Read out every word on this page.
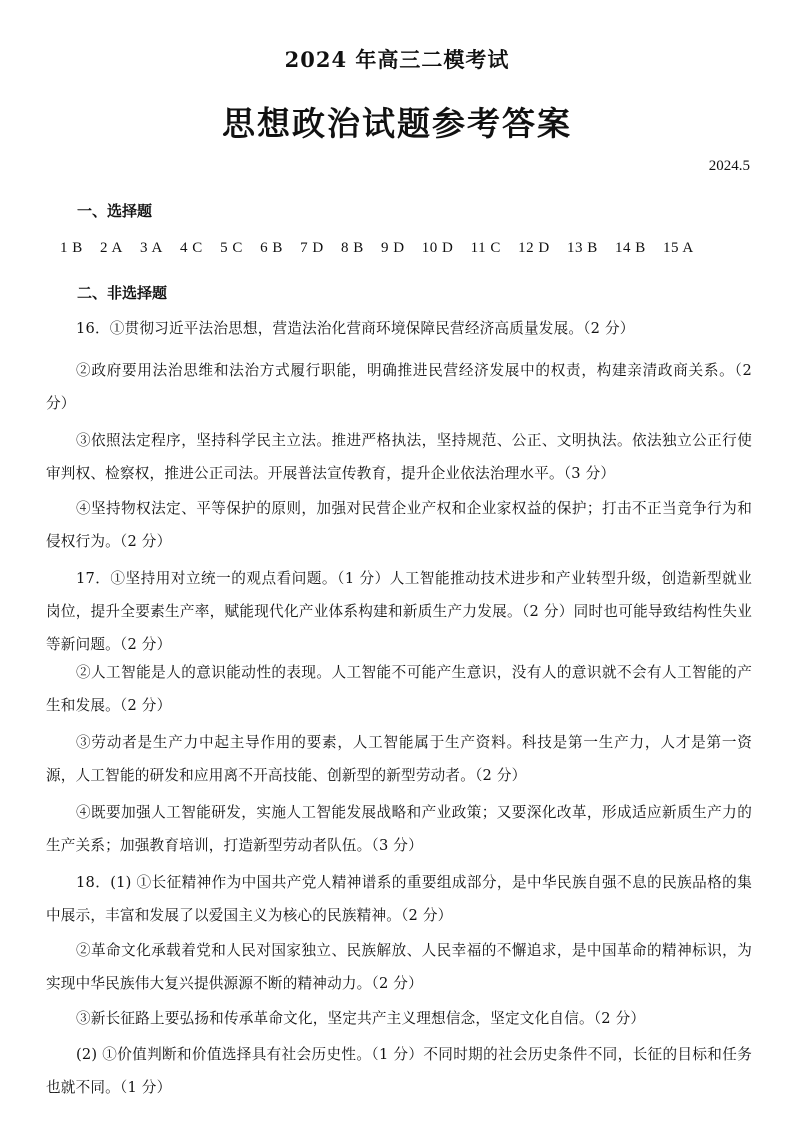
2024 年高三二模考试
思想政治试题参考答案
2024.5
一、选择题
1 B 2 A 3 A 4 C 5 C 6 B 7 D 8 B 9 D 10 D 11 C 12 D 13 B 14 B 15 A
二、非选择题

16．①贯彻习近平法治思想，营造法治化营商环境保障民营经济高质量发展。（2 分）

②政府要用法治思维和法治方式履行职能，明确推进民营经济发展中的权责，构建亲清政商关系。（2 分）

③依照法定程序，坚持科学民主立法。推进严格执法，坚持规范、公正、文明执法。依法独立公正行使审判权、检察权，推进公正司法。开展普法宣传教育，提升企业依法治理水平。（3 分）

④坚持物权法定、平等保护的原则，加强对民营企业产权和企业家权益的保护；打击不正当竞争行为和侵权行为。（2 分）

17．①坚持用对立统一的观点看问题。（1 分）人工智能推动技术进步和产业转型升级，创造新型就业岗位，提升全要素生产率，赋能现代化产业体系构建和新质生产力发展。（2 分）同时也可能导致结构性失业等新问题。（2 分）

②人工智能是人的意识能动性的表现。人工智能不可能产生意识，没有人的意识就不会有人工智能的产生和发展。（2 分）

③劳动者是生产力中起主导作用的要素，人工智能属于生产资料。科技是第一生产力，人才是第一资源，人工智能的研发和应用离不开高技能、创新型的新型劳动者。（2 分）

④既要加强人工智能研发，实施人工智能发展战略和产业政策；又要深化改革，形成适应新质生产力的生产关系；加强教育培训，打造新型劳动者队伍。（3 分）

18．(1) ①长征精神作为中国共产党人精神谱系的重要组成部分，是中华民族自强不息的民族品格的集中展示，丰富和发展了以爱国主义为核心的民族精神。（2 分）

②革命文化承载着党和人民对国家独立、民族解放、人民幸福的不懈追求，是中国革命的精神标识，为实现中华民族伟大复兴提供源源不断的精神动力。（2 分）

③新长征路上要弘扬和传承革命文化，坚定共产主义理想信念，坚定文化自信。（2 分）

(2) ①价值判断和价值选择具有社会历史性。（1 分）不同时期的社会历史条件不同，长征的目标和任务也就不同。（1 分）
